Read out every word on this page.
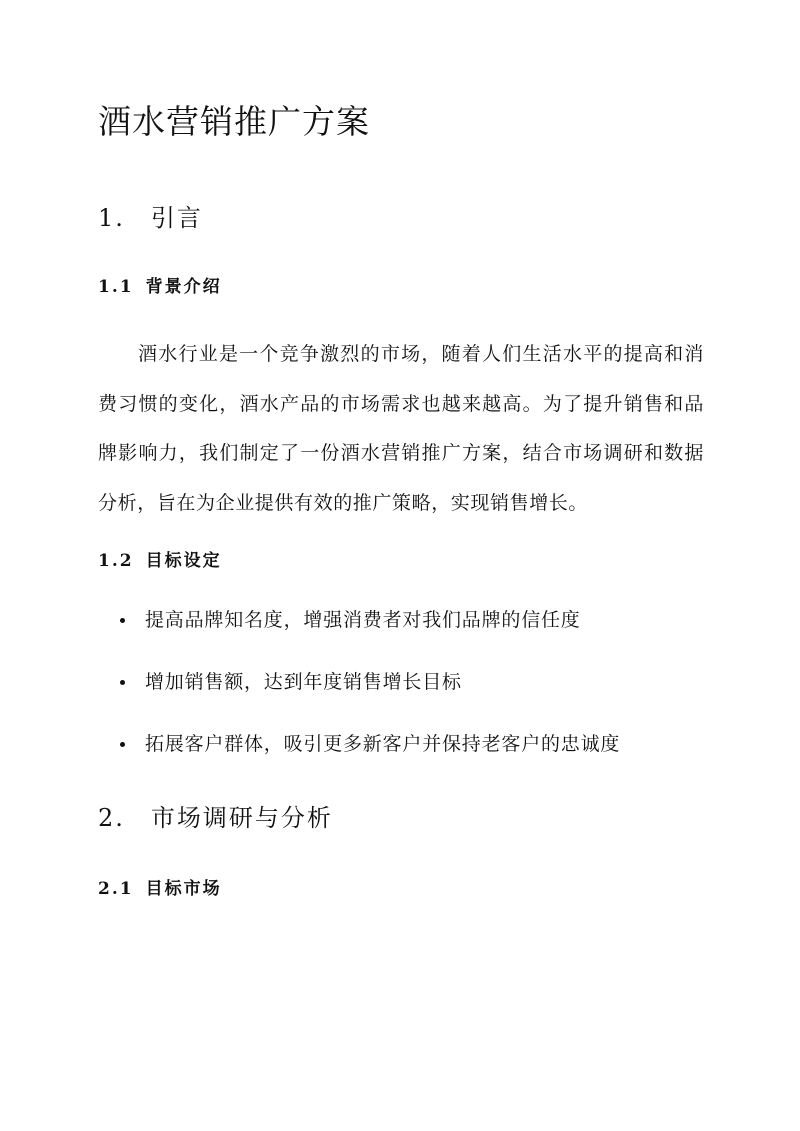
酒水营销推广方案
1. 引言
1.1 背景介绍

酒水行业是一个竞争激烈的市场，随着人们生活水平的提高和消费习惯的变化，酒水产品的市场需求也越来越高。为了提升销售和品牌影响力，我们制定了一份酒水营销推广方案，结合市场调研和数据分析，旨在为企业提供有效的推广策略，实现销售增长。

1.2 目标设定
提高品牌知名度，增强消费者对我们品牌的信任度
增加销售额，达到年度销售增长目标
拓展客户群体，吸引更多新客户并保持老客户的忠诚度
2. 市场调研与分析
2.1 目标市场
